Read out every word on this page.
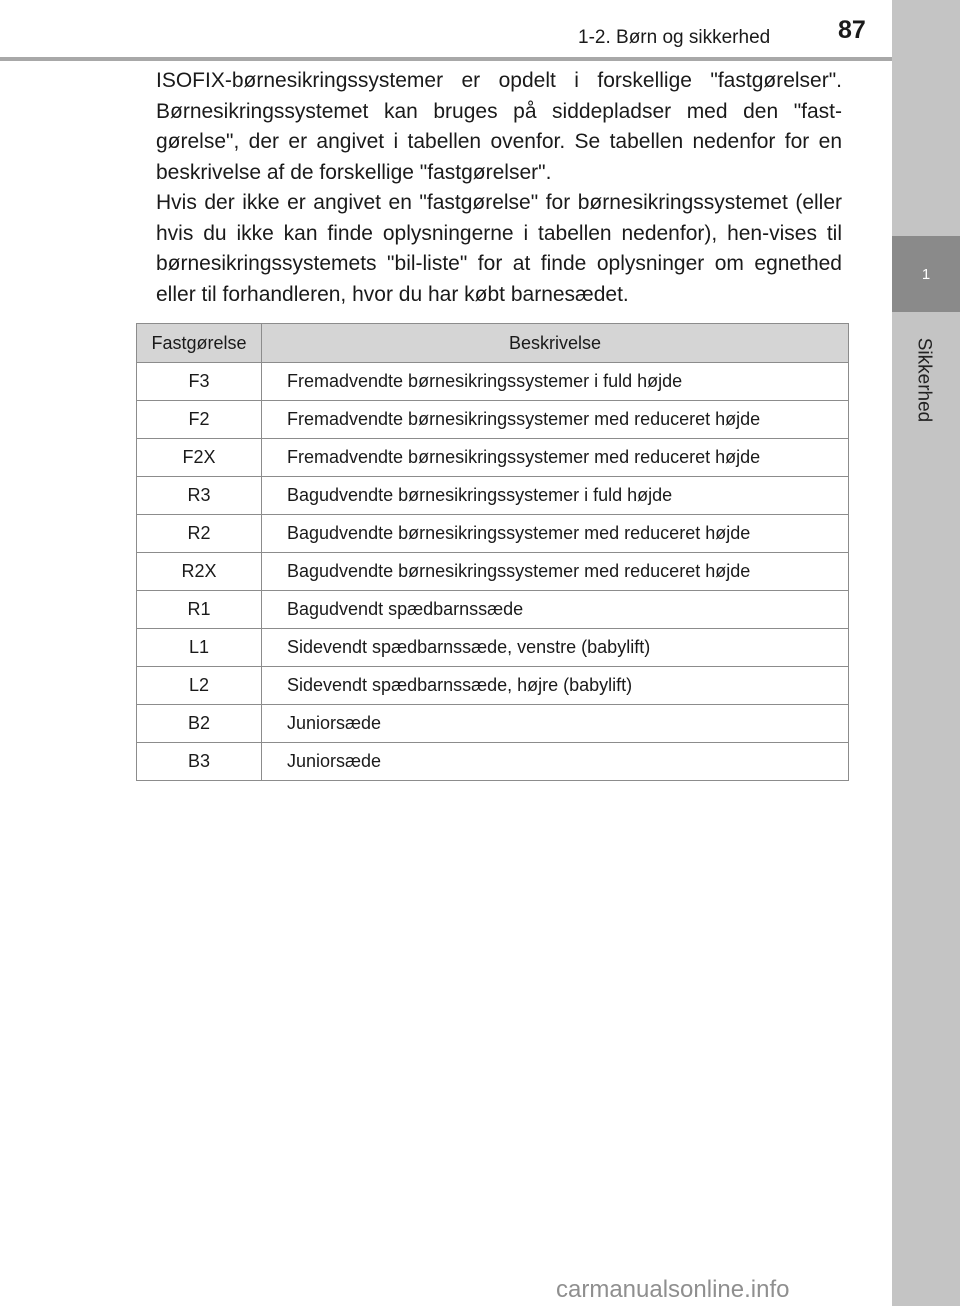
1
Sikkerhed
1-2. Børn og sikkerhed	87

ISOFIX-børnesikringssystemer er opdelt i forskellige "fastgørelser". Børnesikringssystemet kan bruges på siddepladser med den "fast-gørelse", der er angivet i tabellen ovenfor. Se tabellen nedenfor for en beskrivelse af de forskellige "fastgørelser".

Hvis der ikke er angivet en "fastgørelse" for børnesikringssystemet (eller hvis du ikke kan finde oplysningerne i tabellen nedenfor), hen-vises til børnesikringssystemets "bil-liste" for at finde oplysninger om egnethed eller til forhandleren, hvor du har købt barnesædet.

Fastgørelse	Beskrivelse
F3	Fremadvendte børnesikringssystemer i fuld højde
F2	Fremadvendte børnesikringssystemer med reduceret højde
F2X	Fremadvendte børnesikringssystemer med reduceret højde
R3	Bagudvendte børnesikringssystemer i fuld højde
R2	Bagudvendte børnesikringssystemer med reduceret højde
R2X	Bagudvendte børnesikringssystemer med reduceret højde
R1	Bagudvendt spædbarnssæde
L1	Sidevendt spædbarnssæde, venstre (babylift)
L2	Sidevendt spædbarnssæde, højre (babylift)
B2	Juniorsæde
B3	Juniorsæde
carmanualsonline.info
